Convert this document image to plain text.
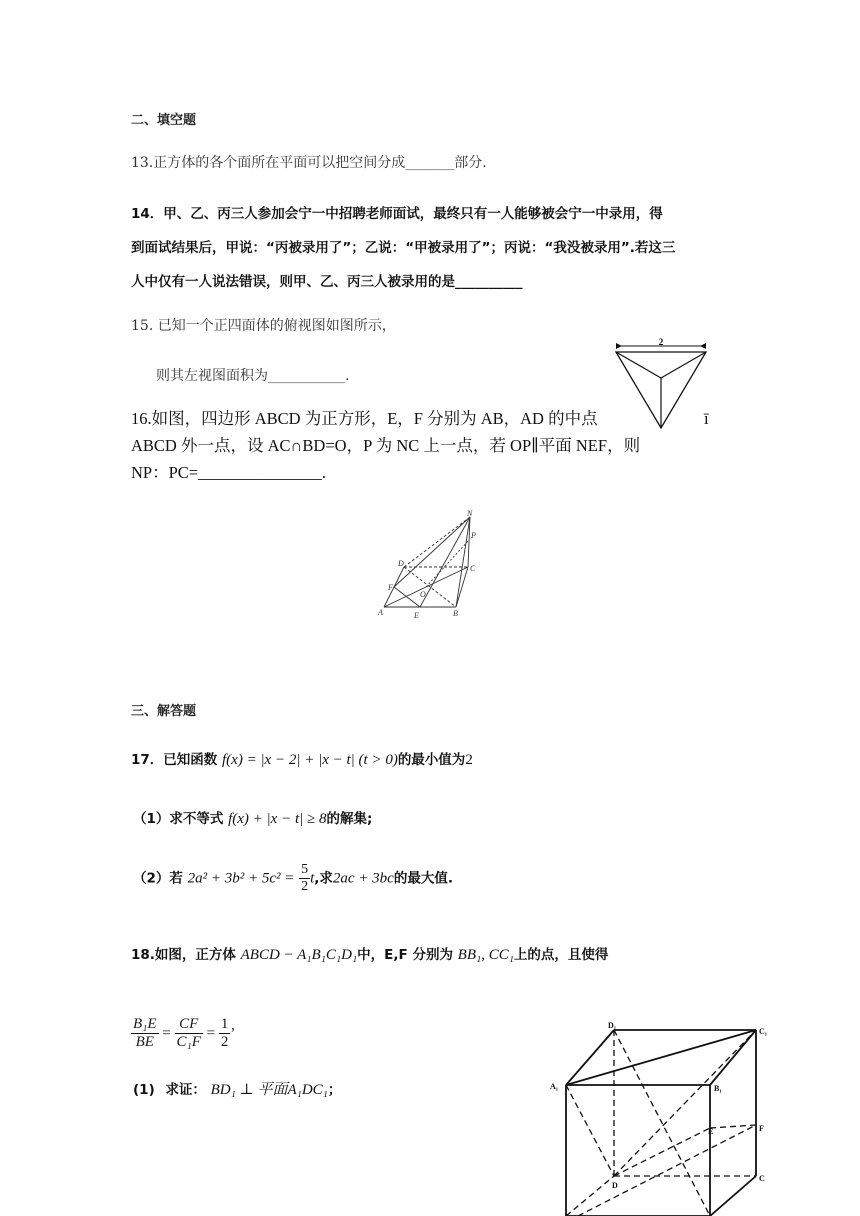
二、填空题
13.正方体的各个面所在平面可以把空间分成_______部分.
14．甲、乙、丙三人参加会宁一中招聘老师面试，最终只有一人能够被会宁一中录用，得
到面试结果后，甲说：“丙被录用了”；乙说：“甲被录用了”；丙说：“我没被录用”.若这三
人中仅有一人说法错误，则甲、乙、丙三人被录用的是__________
15. 已知一个正四面体的俯视图如图所示，
则其左视图面积为___________.
2
16.如图，四边形 ABCD 为正方形，E，F 分别为 AB，AD 的中点	ī
ABCD 外一点，设 AC∩BD=O，P 为 NC 上一点，若 OP∥平面 NEF，则
NP：PC=_______________.
N
P
D
C
F
O
A	E	B
三、解答题
17．已知函数 f(x) = |x − 2| + |x − t| (t > 0)的最小值为2
（1）求不等式 f(x) + |x − t| ≥ 8的解集;
（2）若 $2a^2 + 3b^2 + 5c^2 = \frac{5}{2} t$,求2ac + 3bc的最大值.
18.如图，正方体 ABCD − A₁B₁C₁D₁中，E,F 分别为 BB₁, CC₁上的点，且使得
$\frac{\text{B₁E}}{BE} = \frac{CF}{\text{C₁F}} = \frac{1}{2}$ ’
(1) 求证： BD₁ ⊥ 平面A₁DC₁；
D₁
C₁
A₁	B₁
E	F
D
C
